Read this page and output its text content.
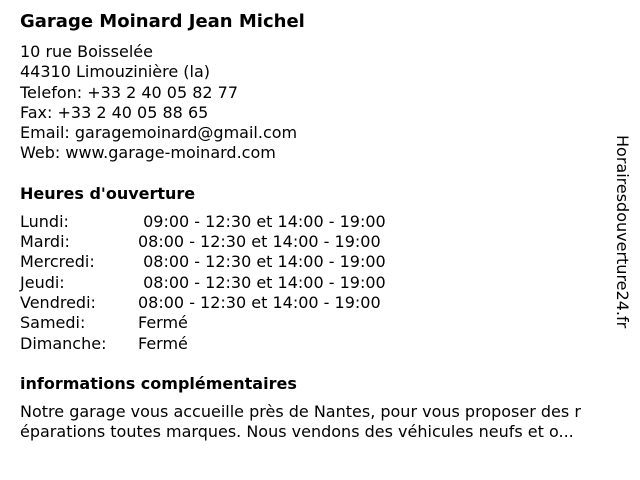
Garage Moinard Jean Michel
10 rue Boisselée
44310 Limouzinière (la)
Telefon: +33 2 40 05 82 77
Fax: +33 2 40 05 88 65
Email: garagemoinard@gmail.com
Web: www.garage-moinard.com
Heures d'ouverture
Lundi:	09:00 - 12:30 et 14:00 - 19:00
Mardi:	08:00 - 12:30 et 14:00 - 19:00
Mercredi:	08:00 - 12:30 et 14:00 - 19:00
Jeudi:	08:00 - 12:30 et 14:00 - 19:00
Vendredi:	08:00 - 12:30 et 14:00 - 19:00
Samedi:	Fermé
Dimanche:	Fermé
informations complémentaires
Notre garage vous accueille près de Nantes, pour vous proposer des r
éparations toutes marques. Nous vendons des véhicules neufs et o...
Horairesdouverture24.fr
